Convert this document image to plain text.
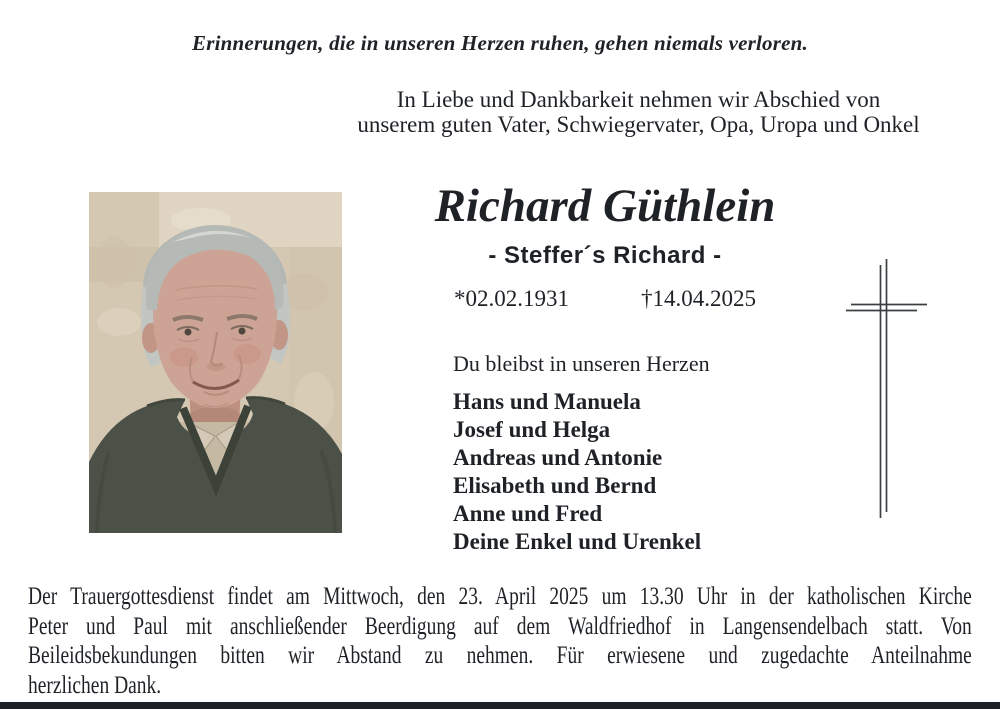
Erinnerungen, die in unseren Herzen ruhen, gehen niemals verloren.
In Liebe und Dankbarkeit nehmen wir Abschied von
unserem guten Vater, Schwiegervater, Opa, Uropa und Onkel
Richard Güthlein
- Steffer´s Richard -
*02.02.1931	†14.04.2025
Du bleibst in unseren Herzen
Hans und Manuela
Josef und Helga
Andreas und Antonie
Elisabeth und Bernd
Anne und Fred
Deine Enkel und Urenkel
Der Trauergottesdienst findet am Mittwoch, den 23. April 2025 um 13.30 Uhr in der katholischen Kirche
Peter und Paul mit anschließender Beerdigung auf dem Waldfriedhof in Langensendelbach statt. Von
Beileidsbekundungen bitten wir Abstand zu nehmen. Für erwiesene und zugedachte Anteilnahme
herzlichen Dank.
